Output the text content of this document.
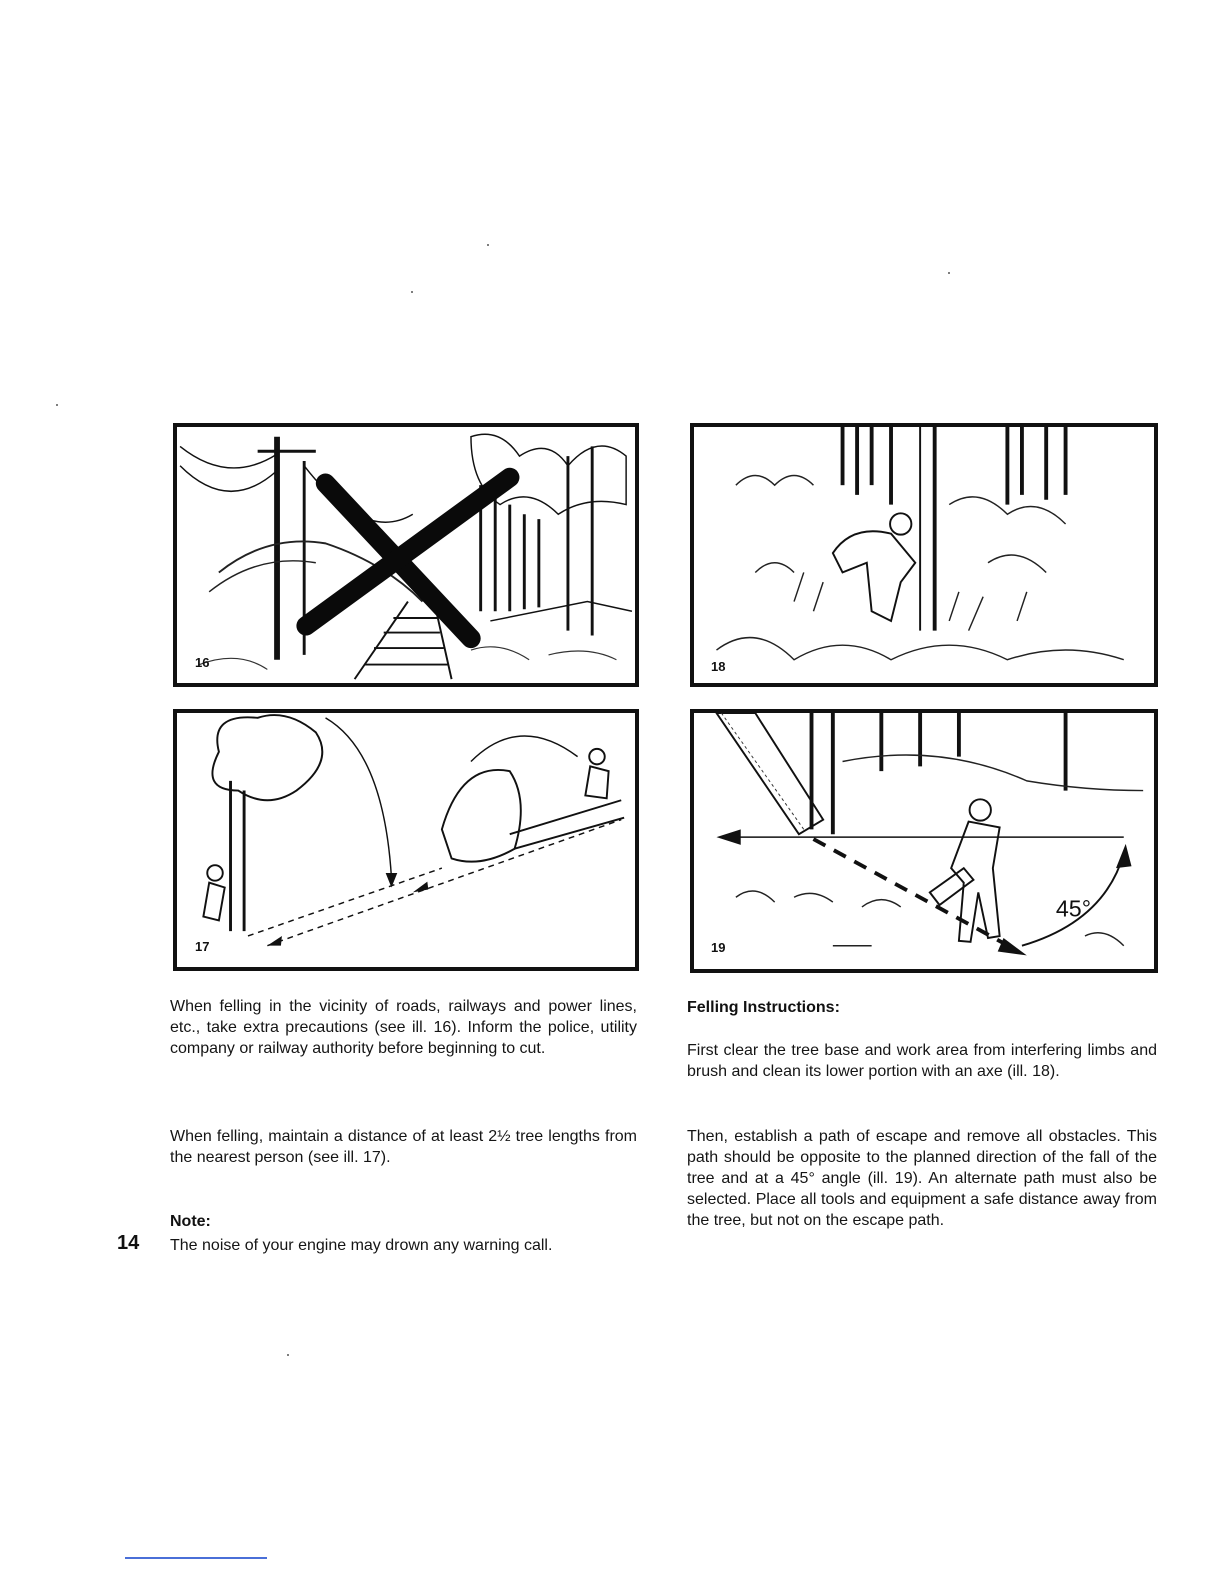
16
17
18
45°
19

When felling in the vicinity of roads, railways and power lines, etc., take extra precautions (see ill. 16). Inform the police, utility company or railway authority before beginning to cut.

When felling, maintain a distance of at least 2½ tree lengths from the nearest person (see ill. 17).

Note:

The noise of your engine may drown any warning call.

14

Felling Instructions:

First clear the tree base and work area from interfering limbs and brush and clean its lower portion with an axe (ill. 18).

Then, establish a path of escape and remove all obstacles. This path should be opposite to the planned direction of the fall of the tree and at a 45° angle (ill. 19). An alternate path must also be selected. Place all tools and equipment a safe distance away from the tree, but not on the escape path.
